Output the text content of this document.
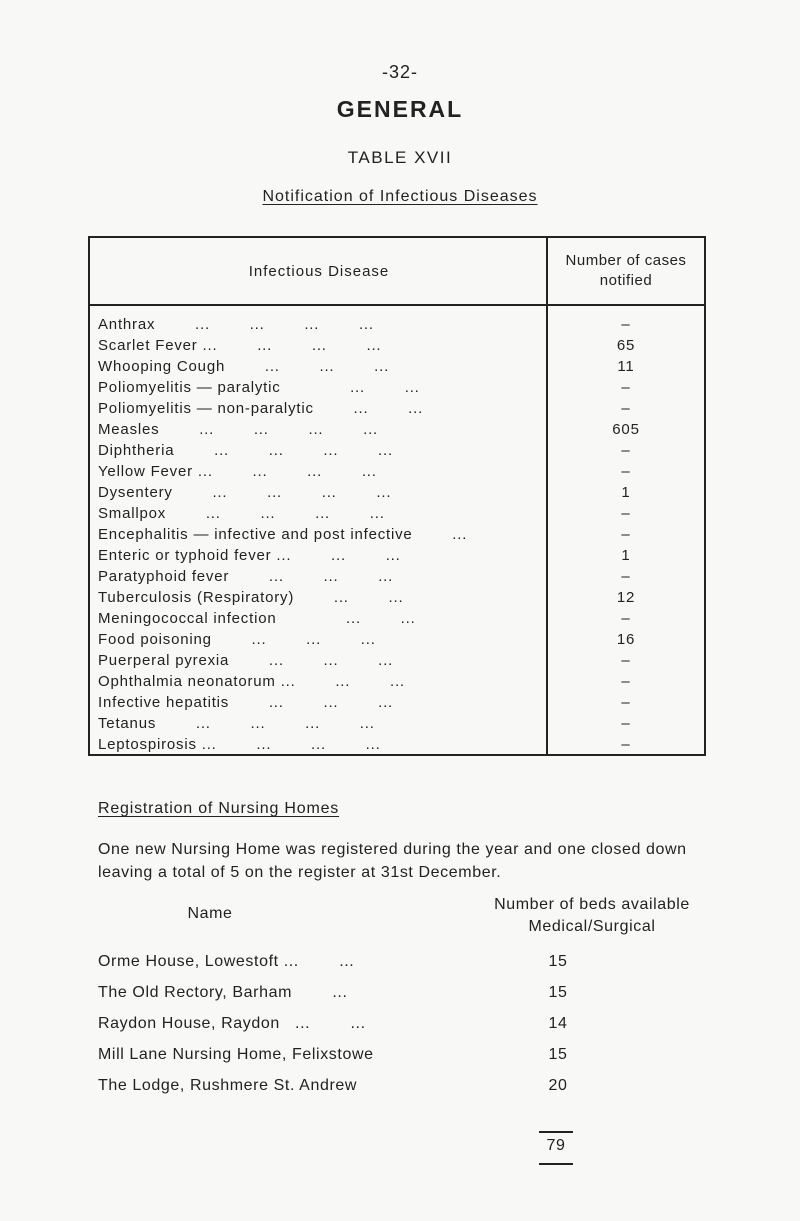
-32-
GENERAL
TABLE XVII
Notification of Infectious Diseases
Infectious Disease
Number of cases
notified
Anthrax        ...        ...        ...        ...	–
Scarlet Fever ...        ...        ...        ...	65
Whooping Cough        ...        ...        ...	11
Poliomyelitis — paralytic              ...        ...	–
Poliomyelitis — non-paralytic        ...        ...	–
Measles        ...        ...        ...        ...	605
Diphtheria        ...        ...        ...        ...	–
Yellow Fever ...        ...        ...        ...	–
Dysentery        ...        ...        ...        ...	1
Smallpox        ...        ...        ...        ...	–
Encephalitis — infective and post infective        ...	–
Enteric or typhoid fever ...        ...        ...	1
Paratyphoid fever        ...        ...        ...	–
Tuberculosis (Respiratory)        ...        ...	12
Meningococcal infection              ...        ...	–
Food poisoning        ...        ...        ...	16
Puerperal pyrexia        ...        ...        ...	–
Ophthalmia neonatorum ...        ...        ...	–
Infective hepatitis        ...        ...        ...	–
Tetanus        ...        ...        ...        ...	–
Leptospirosis ...        ...        ...        ...	–
Registration of Nursing Homes
One new Nursing Home was registered during the year and one closed down leaving a total of 5 on the register at 31st December.
Name
Number of beds available
Medical/Surgical
Orme House, Lowestoft ...        ...	15
The Old Rectory, Barham        ...	15
Raydon House, Raydon   ...        ...	14
Mill Lane Nursing Home, Felixstowe	15
The Lodge, Rushmere St. Andrew	20
79
